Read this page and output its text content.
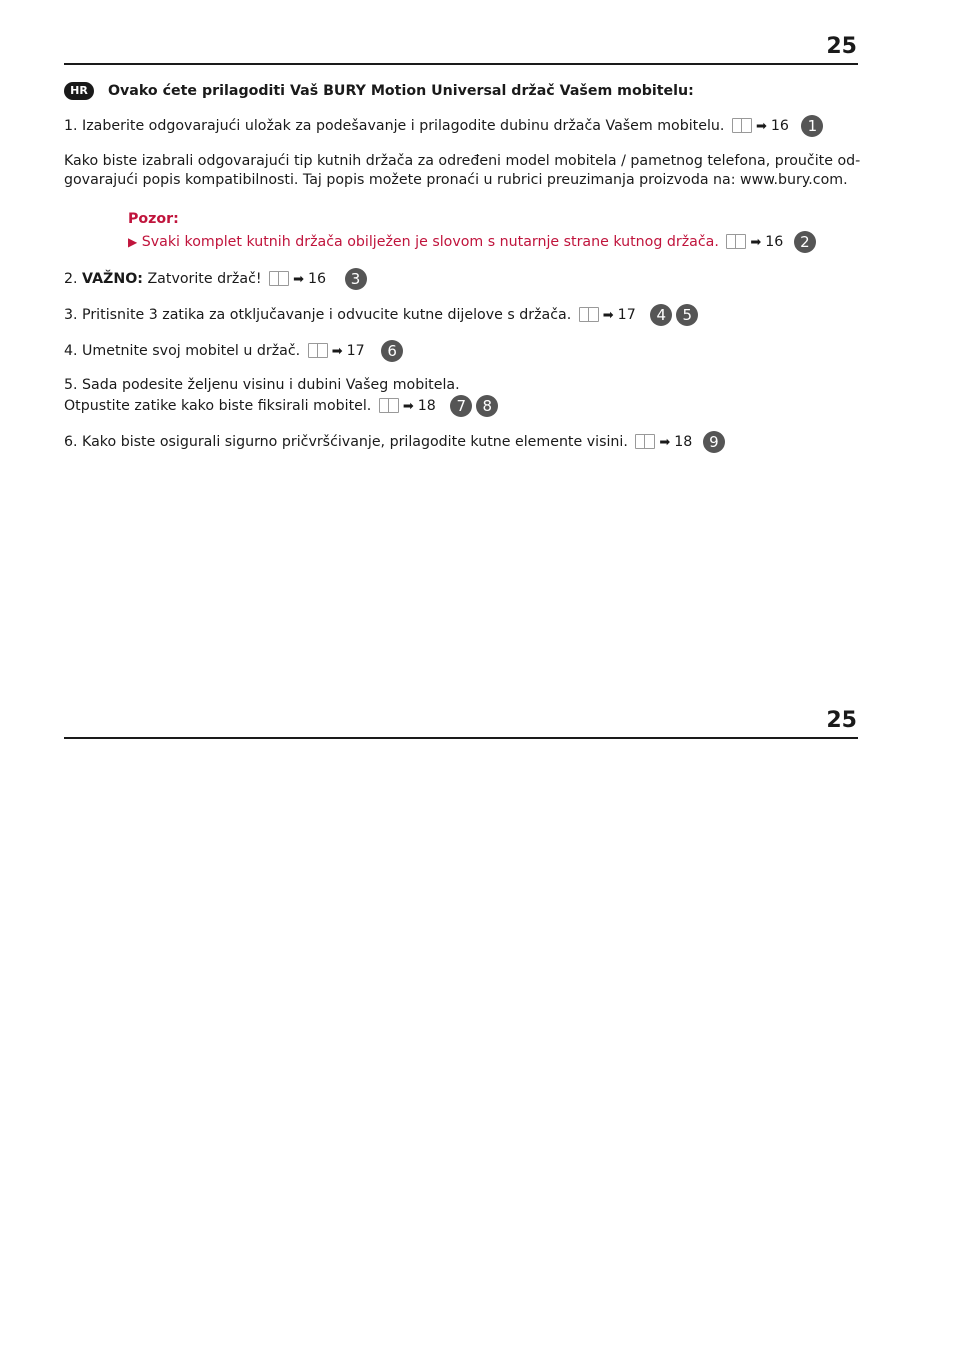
25
HR Ovako ćete prilagoditi Vaš BURY Motion Universal držač Vašem mobitelu:
1. Izaberite odgovarajući uložak za podešavanje i prilagodite dubinu držača Vašem mobitelu. ➡ 16 1
Kako biste izabrali odgovarajući tip kutnih držača za određeni model mobitela / pametnog telefona, proučite od-
govarajući popis kompatibilnosti. Taj popis možete pronaći u rubrici preuzimanja proizvoda na: www.bury.com.
Pozor:
▶ Svaki komplet kutnih držača obilježen je slovom s nutarnje strane kutnog držača. ➡ 16 2
2. VAŽNO: Zatvorite držač! ➡ 16 3
3. Pritisnite 3 zatika za otključavanje i odvucite kutne dijelove s držača. ➡ 17 4 5
4. Umetnite svoj mobitel u držač. ➡ 17 6
5. Sada podesite željenu visinu i dubini Vašeg mobitela.
Otpustite zatike kako biste fiksirali mobitel. ➡ 18 7 8
6. Kako biste osigurali sigurno pričvršćivanje, prilagodite kutne elemente visini. ➡ 18 9
25
